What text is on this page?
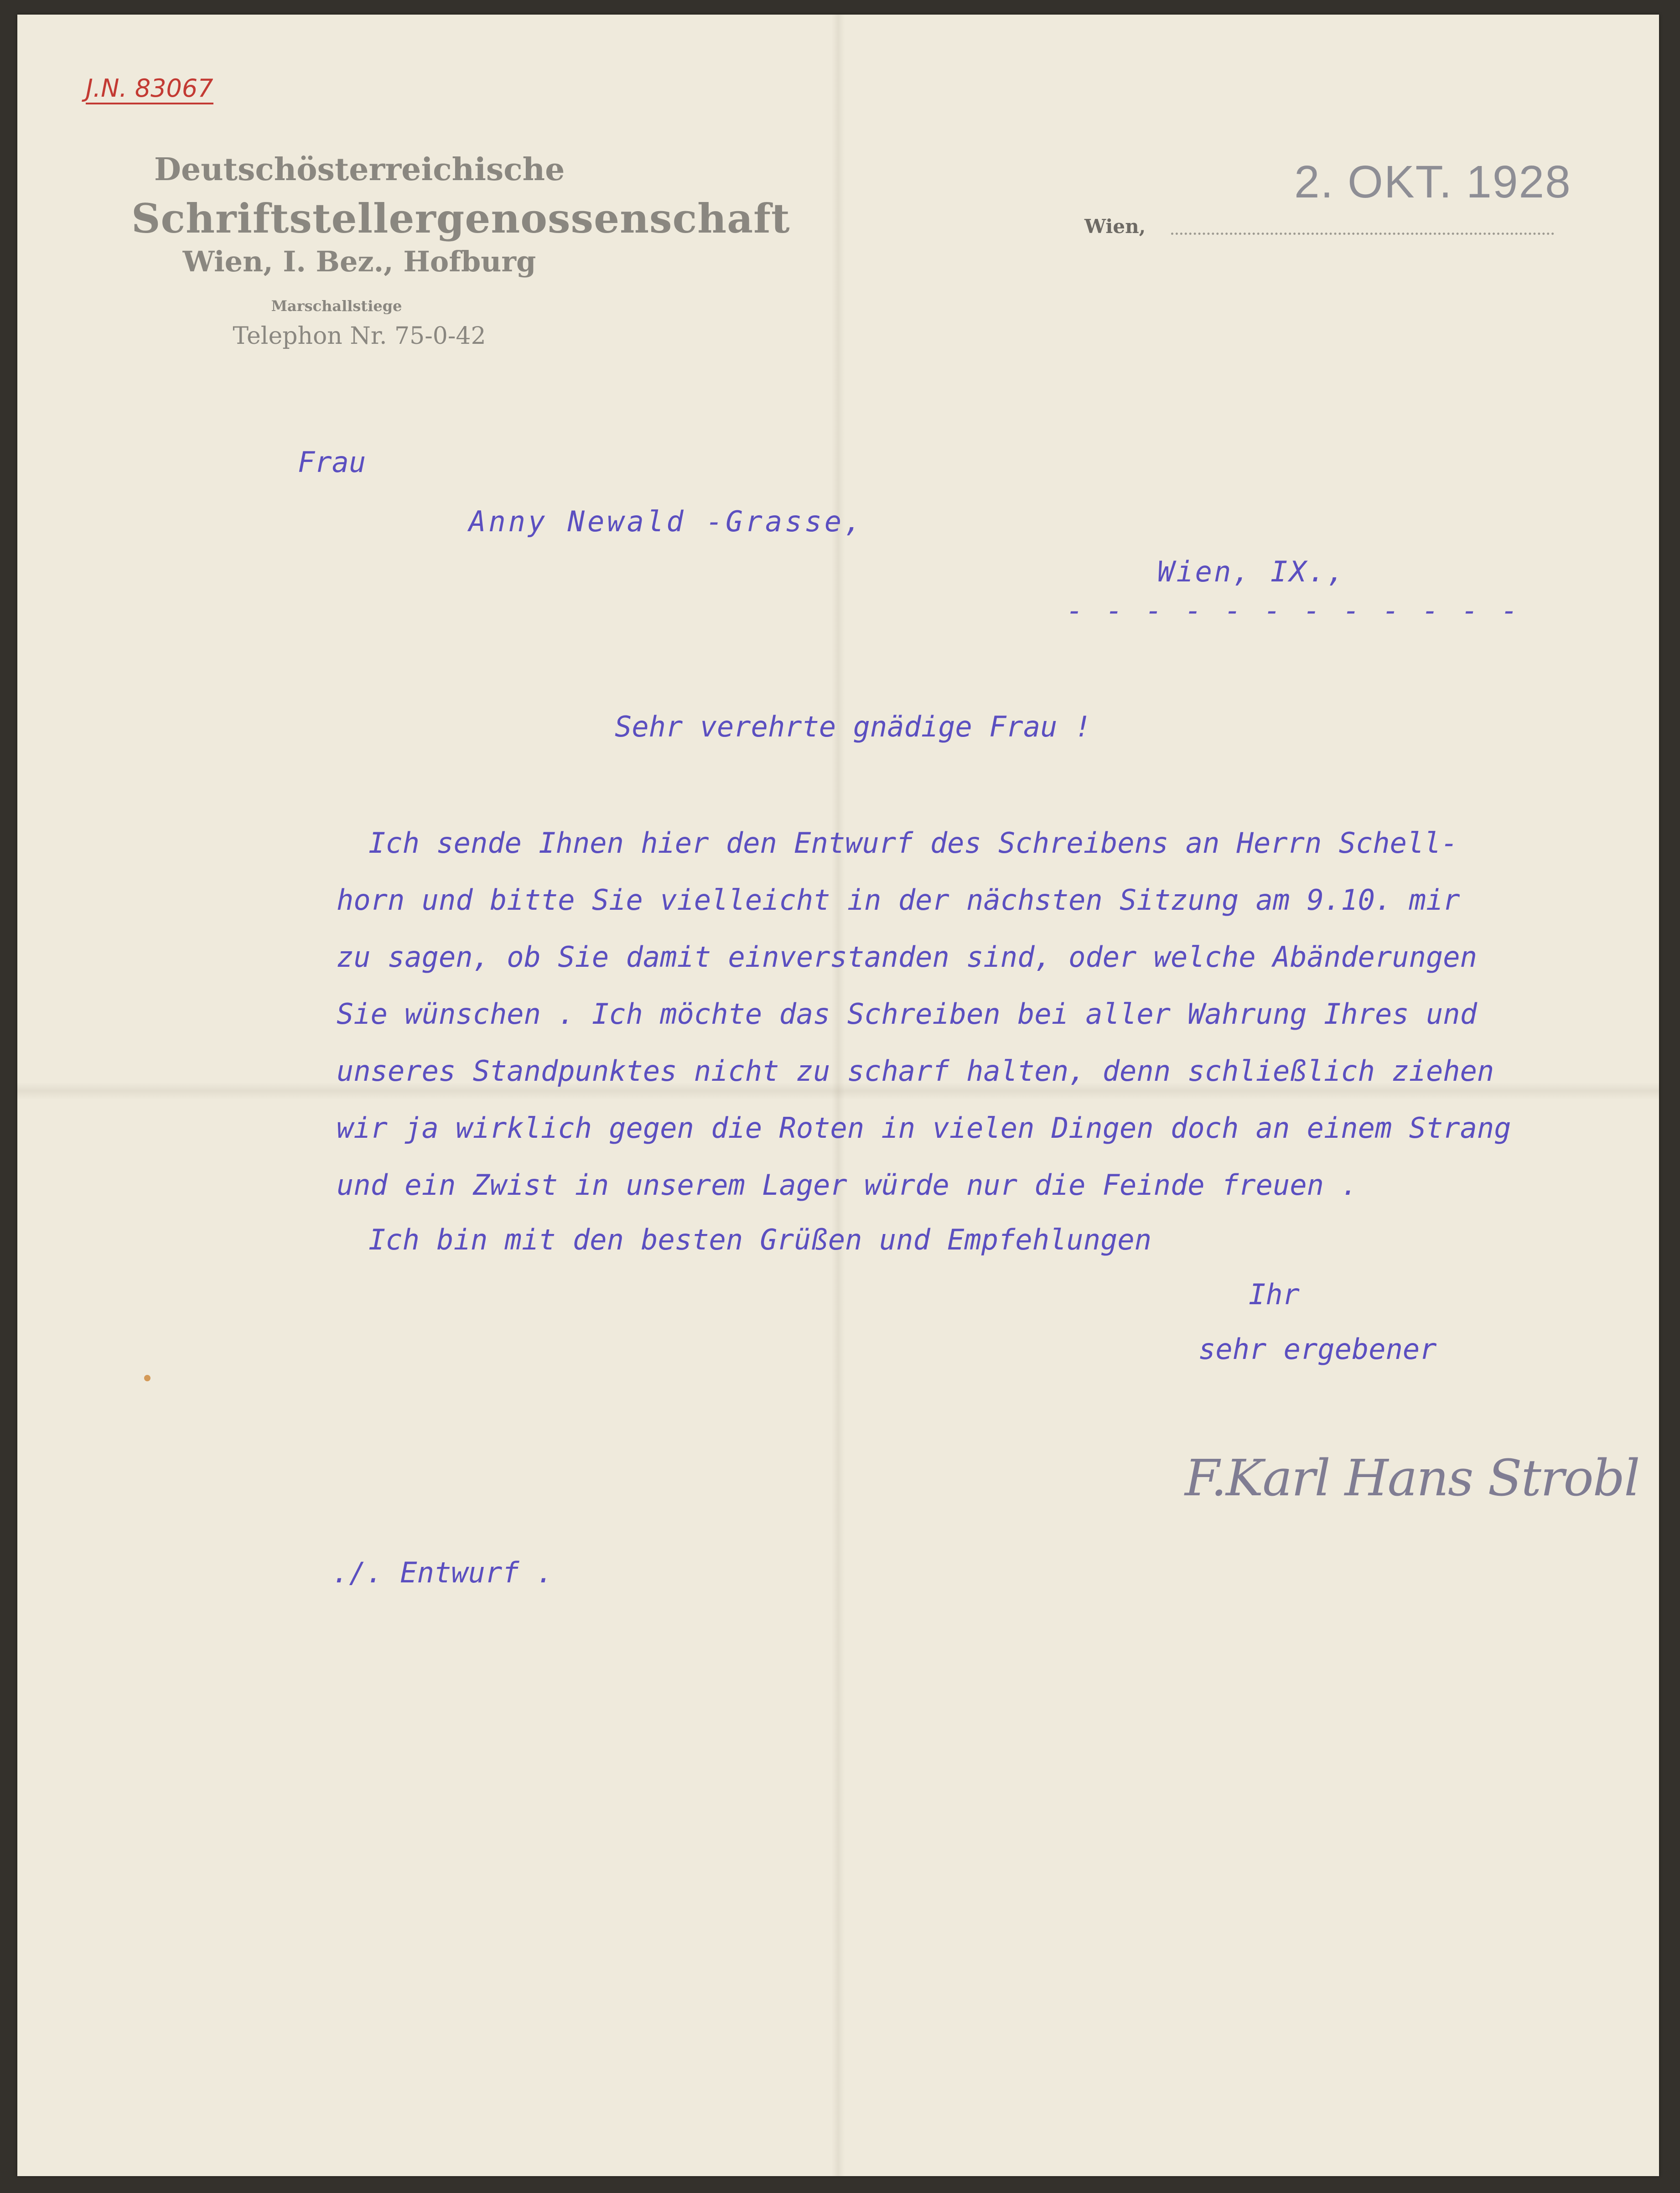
J.N. 83067
Deutschösterreichische
Schriftstellergenossenschaft
Wien, I. Bez., Hofburg
Marschallstiege
Telephon Nr. 75-0-42
2. OKT. 1928
Wien,
Frau
Anny Newald -Grasse,
Wien, IX.,
- - - - - - - - - - - -
Sehr verehrte gnädige Frau !
Ich sende Ihnen hier den Entwurf des Schreibens an Herrn Schell-
horn und bitte Sie vielleicht in der nächsten Sitzung am 9.10. mir
zu sagen, ob Sie damit einverstanden sind, oder welche Abänderungen
Sie wünschen . Ich möchte das Schreiben bei aller Wahrung Ihres und
unseres Standpunktes nicht zu scharf halten, denn schließlich ziehen
wir ja wirklich gegen die Roten in vielen Dingen doch an einem Strang
und ein Zwist in unserem Lager würde nur die Feinde freuen .
Ich bin mit den besten Grüßen und Empfehlungen
Ihr
sehr ergebener
F.Karl Hans Strobl
./. Entwurf .
